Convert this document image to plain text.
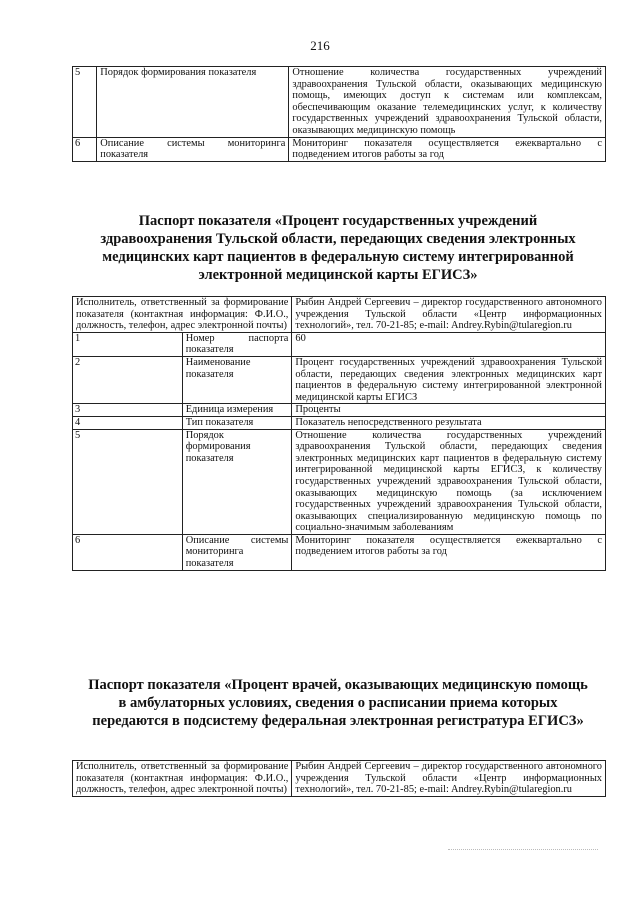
216
5	Порядок формирования показателя	Отношение количества государственных учреждений здравоохранения Тульской области, оказывающих медицинскую помощь, имеющих доступ к системам или комплексам, обеспечивающим оказание телемедицинских услуг, к количеству государственных учреждений здравоохранения Тульской области, оказывающих медицинскую помощь
6	Описание системы мониторинга показателя	Мониторинг показателя осуществляется ежеквартально с подведением итогов работы за год
Паспорт показателя «Процент государственных учреждений здравоохранения Тульской области, передающих сведения электронных медицинских карт пациентов в федеральную систему интегрированной электронной медицинской карты ЕГИСЗ»
Исполнитель, ответственный за формирование показателя (контактная информация: Ф.И.О., должность, телефон, адрес электронной почты)		Рыбин Андрей Сергеевич – директор государственного автономного учреждения Тульской области «Центр информационных технологий», тел. 70-21-85; e-mail: Andrey.Rybin@tularegion.ru
1	Номер паспорта показателя	60
2	Наименование показателя	Процент государственных учреждений здравоохранения Тульской области, передающих сведения электронных медицинских карт пациентов в федеральную систему интегрированной электронной медицинской карты ЕГИСЗ
3	Единица измерения	Проценты
4	Тип показателя	Показатель непосредственного результата
5	Порядок формирования показателя	Отношение количества государственных учреждений здравоохранения Тульской области, передающих сведения электронных медицинских карт пациентов в федеральную систему интегрированной медицинской карты ЕГИСЗ, к количеству государственных учреждений здравоохранения Тульской области, оказывающих медицинскую помощь (за исключением государственных учреждений здравоохранения Тульской области, оказывающих специализированную медицинскую помощь по социально-значимым заболеваниям
6	Описание системы мониторинга показателя	Мониторинг показателя осуществляется ежеквартально с подведением итогов работы за год
Паспорт показателя «Процент врачей, оказывающих медицинскую помощь в амбулаторных условиях, сведения о расписании приема которых передаются в подсистему федеральная электронная регистратура ЕГИСЗ»
Исполнитель, ответственный за формирование показателя (контактная информация: Ф.И.О., должность, телефон, адрес электронной почты)	Рыбин Андрей Сергеевич – директор государственного автономного учреждения Тульской области «Центр информационных технологий», тел. 70-21-85; e-mail: Andrey.Rybin@tularegion.ru
